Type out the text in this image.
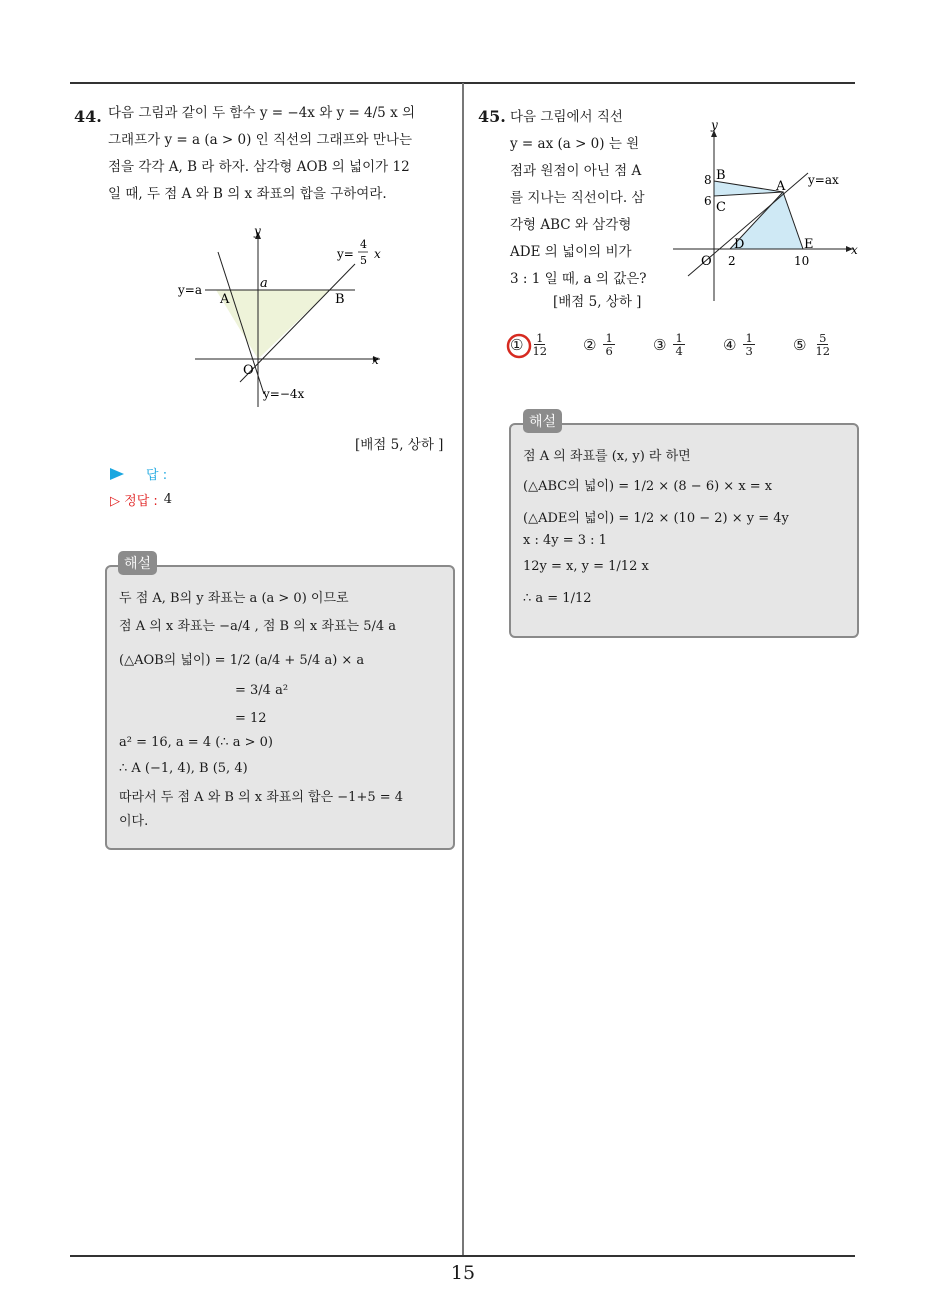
44. 다음 그림과 같이 두 함수 y = −4x 와 y = 4/5 x 의
그래프가 y = a (a > 0) 인 직선의 그래프와 만나는
점을 각각 A, B 라 하자. 삼각형 AOB 의 넓이가 12
일 때, 두 점 A 와 B 의 x 좌표의 합을 구하여라.
y
x
O
y=a	a
A	B
y=
4
5 x
y=−4x
[배점 5, 상하 ]
답 :
▷ 정답 : 4
두 점 A, B의 y 좌표는 a (a > 0) 이므로
점 A 의 x 좌표는 −a/4 , 점 B 의 x 좌표는 5/4 a
(△AOB의 넓이) = 1/2 (a/4 + 5/4 a) × a
= 3/4 a²
= 12
a² = 16, a = 4 (∴ a > 0)
∴ A (−1, 4), B (5, 4)
따라서 두 점 A 와 B 의 x 좌표의 합은 −1+5 = 4
이다.
해설
45. 다음 그림에서 직선
y = ax (a > 0) 는 원
점과 원점이 아닌 점 A
를 지나는 직선이다. 삼
각형 ABC 와 삼각형
ADE 의 넓이의 비가
3 : 1 일 때, a 의 값은?
[배점 5, 상하 ]
y
x
O
8
6
2	10
B
C
A
D	E
y=ax
① $\frac{1}{12}$ ② $\frac{1}{6}$	③ $\frac{1}{4}$	④ $\frac{1}{3}$	⑤ $\frac{5}{12}$
점 A 의 좌표를 (x, y) 라 하면
(△ABC의 넓이) = 1/2 × (8 − 6) × x = x
(△ADE의 넓이) = 1/2 × (10 − 2) × y = 4y
x : 4y = 3 : 1
12y = x, y = 1/12 x
∴ a = 1/12
해설
15
